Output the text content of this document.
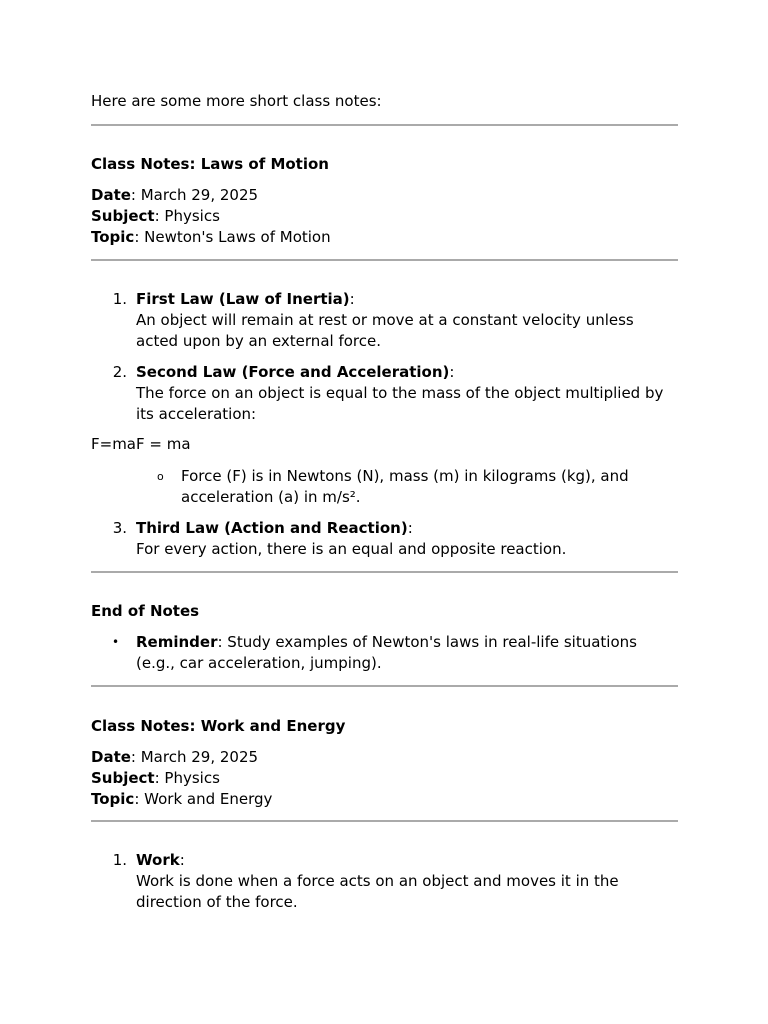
Here are some more short class notes:
Class Notes: Laws of Motion
Date: March 29, 2025
Subject: Physics
Topic: Newton's Laws of Motion
1. First Law (Law of Inertia):
An object will remain at rest or move at a constant velocity unless acted upon by an external force.
2. Second Law (Force and Acceleration):
The force on an object is equal to the mass of the object multiplied by its acceleration:
F=maF = ma
o Force (F) is in Newtons (N), mass (m) in kilograms (kg), and acceleration (a) in m/s².
3. Third Law (Action and Reaction):
For every action, there is an equal and opposite reaction.
End of Notes
• Reminder: Study examples of Newton's laws in real-life situations (e.g., car acceleration, jumping).
Class Notes: Work and Energy
Date: March 29, 2025
Subject: Physics
Topic: Work and Energy
1. Work:
Work is done when a force acts on an object and moves it in the direction of the force.
